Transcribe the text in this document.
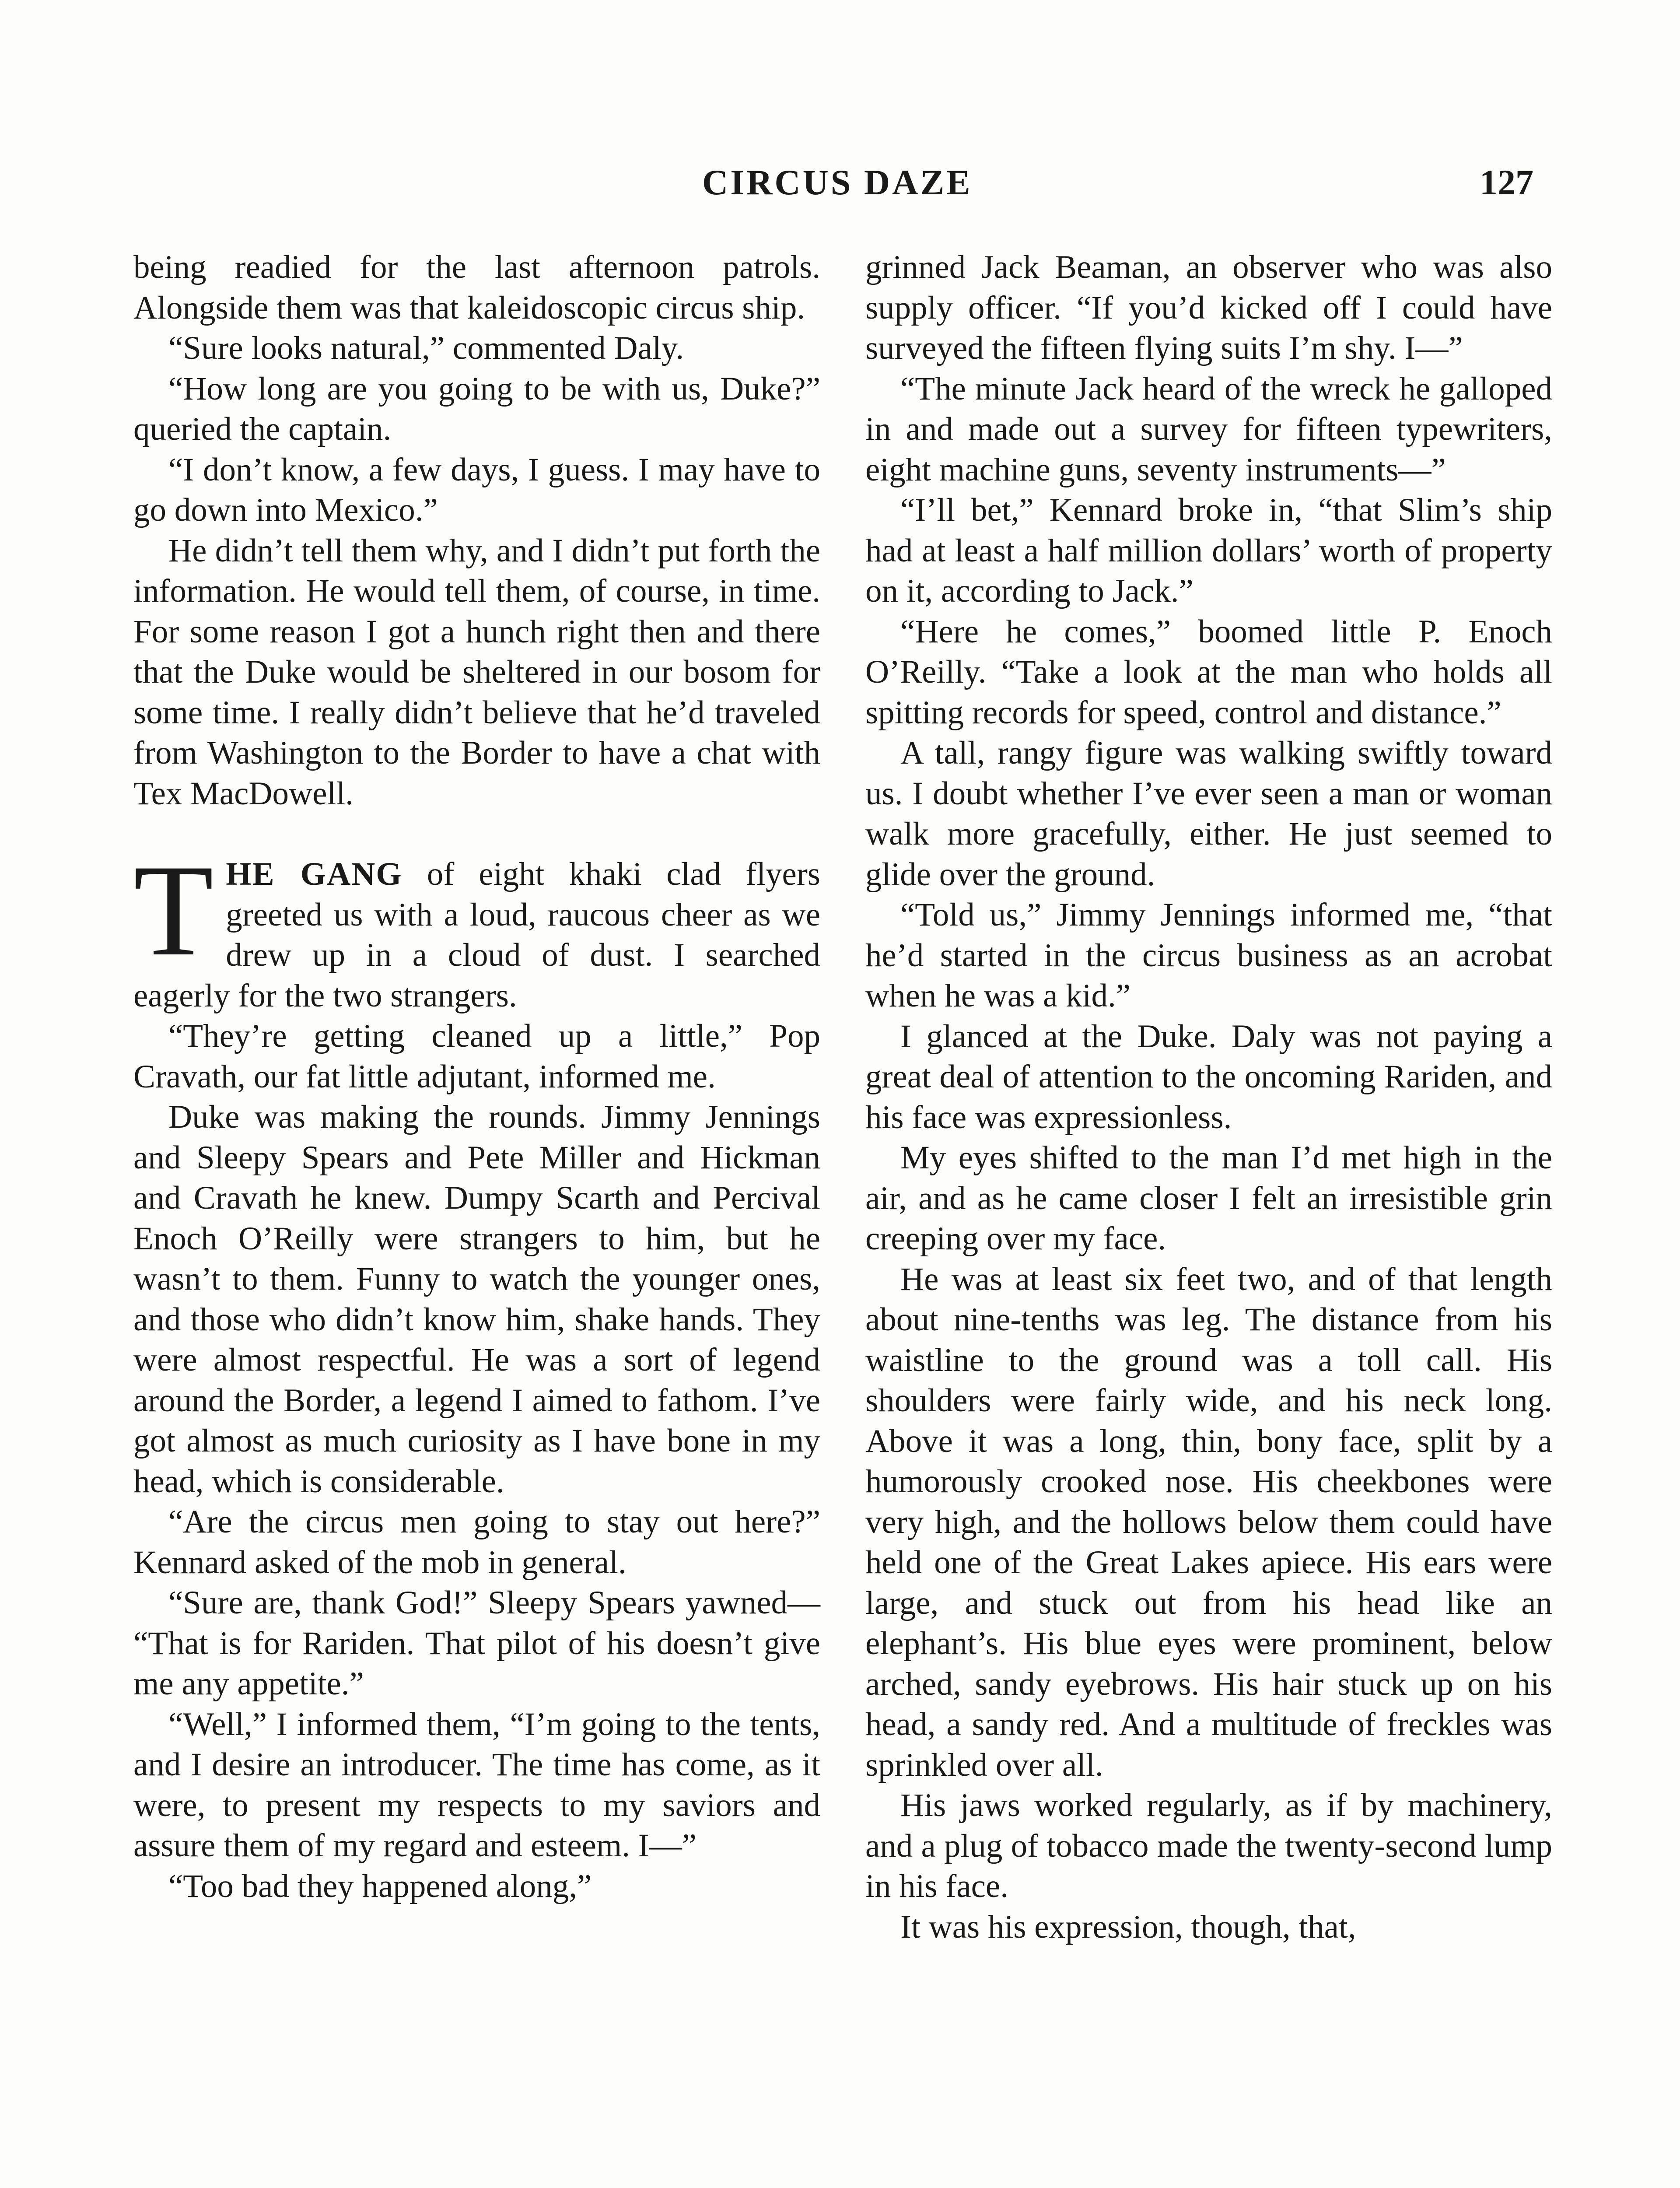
CIRCUS DAZE	127

being readied for the last afternoon patrols. Alongside them was that kaleidoscopic circus ship.

“Sure looks natural,” commented Daly.

“How long are you going to be with us, Duke?” queried the captain.

“I don’t know, a few days, I guess. I may have to go down into Mexico.”

He didn’t tell them why, and I didn’t put forth the information. He would tell them, of course, in time. For some reason I got a hunch right then and there that the Duke would be sheltered in our bosom for some time. I really didn’t believe that he’d traveled from Washington to the Border to have a chat with Tex MacDowell.

THE GANG of eight khaki clad flyers greeted us with a loud, raucous cheer as we drew up in a cloud of dust. I searched eagerly for the two strangers.

“They’re getting cleaned up a little,” Pop Cravath, our fat little adjutant, informed me.

Duke was making the rounds. Jimmy Jennings and Sleepy Spears and Pete Miller and Hickman and Cravath he knew. Dumpy Scarth and Percival Enoch O’Reilly were strangers to him, but he wasn’t to them. Funny to watch the younger ones, and those who didn’t know him, shake hands. They were almost respectful. He was a sort of legend around the Border, a legend I aimed to fathom. I’ve got almost as much curiosity as I have bone in my head, which is considerable.

“Are the circus men going to stay out here?” Kennard asked of the mob in general.

“Sure are, thank God!” Sleepy Spears yawned— “That is for Rariden. That pilot of his doesn’t give me any appetite.”

“Well,” I informed them, “I’m going to the tents, and I desire an introducer. The time has come, as it were, to present my respects to my saviors and assure them of my regard and esteem. I—”

“Too bad they happened along,”

grinned Jack Beaman, an observer who was also supply officer. “If you’d kicked off I could have surveyed the fifteen flying suits I’m shy. I—”

“The minute Jack heard of the wreck he galloped in and made out a survey for fifteen typewriters, eight machine guns, seventy instruments—”

“I’ll bet,” Kennard broke in, “that Slim’s ship had at least a half million dollars’ worth of property on it, according to Jack.”

“Here he comes,” boomed little P. Enoch O’Reilly. “Take a look at the man who holds all spitting records for speed, control and distance.”

A tall, rangy figure was walking swiftly toward us. I doubt whether I’ve ever seen a man or woman walk more gracefully, either. He just seemed to glide over the ground.

“Told us,” Jimmy Jennings informed me, “that he’d started in the circus business as an acrobat when he was a kid.”

I glanced at the Duke. Daly was not paying a great deal of attention to the oncoming Rariden, and his face was expressionless.

My eyes shifted to the man I’d met high in the air, and as he came closer I felt an irresistible grin creeping over my face.

He was at least six feet two, and of that length about nine-tenths was leg. The distance from his waistline to the ground was a toll call. His shoulders were fairly wide, and his neck long. Above it was a long, thin, bony face, split by a humorously crooked nose. His cheekbones were very high, and the hollows below them could have held one of the Great Lakes apiece. His ears were large, and stuck out from his head like an elephant’s. His blue eyes were prominent, below arched, sandy eyebrows. His hair stuck up on his head, a sandy red. And a multitude of freckles was sprinkled over all.

His jaws worked regularly, as if by machinery, and a plug of tobacco made the twenty-second lump in his face.

It was his expression, though, that,
